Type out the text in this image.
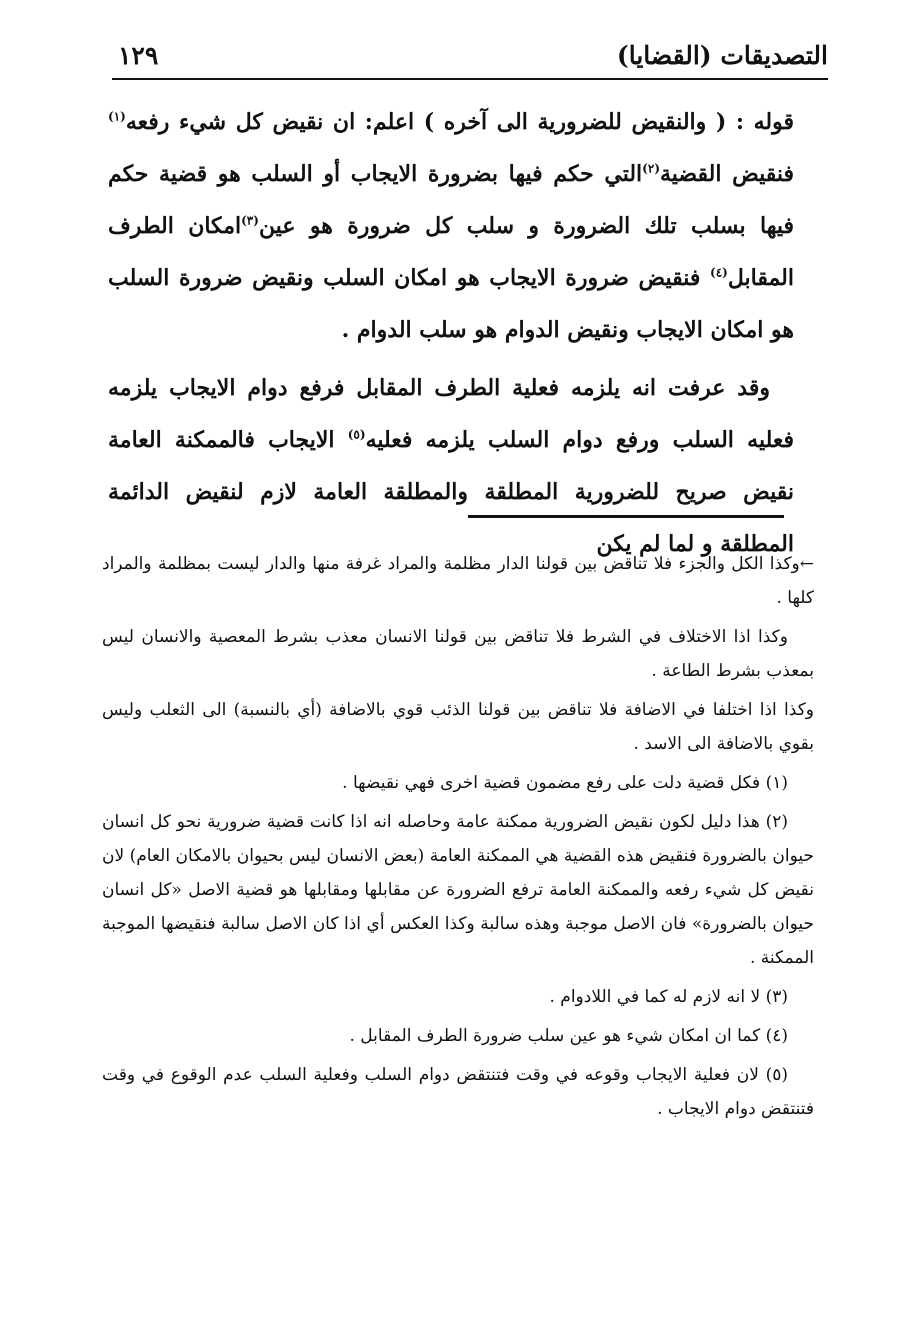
التصديقات (القضايا)
١٢٩

قوله : ( والنقيض للضرورية الى آخره ) اعلم: ان نقيض كل شيء رفعه$^{(١)}$ فنقيض القضية$^{(٢)}$التي حكم فيها بضرورة الايجاب أو السلب هو قضية حكم فيها بسلب تلك الضرورة و سلب كل ضرورة هو عين$^{(٣)}$امكان الطرف المقابل$^{(٤)}$ فنقيض ضرورة الايجاب هو امكان السلب ونقيض ضرورة السلب هو امكان الايجاب ونقيض الدوام هو سلب الدوام .

وقد عرفت انه يلزمه فعلية الطرف المقابل فرفع دوام الايجاب يلزمه فعليه السلب ورفع دوام السلب يلزمه فعليه$^{(٥)}$ الايجاب فالممكنة العامة نقيض صريح للضرورية المطلقة والمطلقة العامة لازم لنقيض الدائمة المطلقة و لما لم يكن

←وكذا الكل والجزء فلا تناقض بين قولنا الدار مظلمة والمراد غرفة منها والدار ليست بمظلمة والمراد كلها .

وكذا اذا الاختلاف في الشرط فلا تناقض بين قولنا الانسان معذب بشرط المعصية والانسان ليس بمعذب بشرط الطاعة .

وكذا اذا اختلفا في الاضافة فلا تناقض بين قولنا الذئب قوي بالاضافة (أي بالنسبة) الى الثعلب وليس بقوي بالاضافة الى الاسد .

(١) فكل قضية دلت على رفع مضمون قضية اخرى فهي نقيضها .

(٢) هذا دليل لكون نقيض الضرورية ممكنة عامة وحاصله انه اذا كانت قضية ضرورية نحو كل انسان حيوان بالضرورة فنقيض هذه القضية هي الممكنة العامة (بعض الانسان ليس بحيوان بالامكان العام) لان نقيض كل شيء رفعه والممكنة العامة ترفع الضرورة عن مقابلها ومقابلها هو قضية الاصل «كل انسان حيوان بالضرورة» فان الاصل موجبة وهذه سالبة وكذا العكس أي اذا كان الاصل سالبة فنقيضها الموجبة الممكنة .

(٣) لا انه لازم له كما في اللادوام .

(٤) كما ان امكان شيء هو عين سلب ضرورة الطرف المقابل .

(٥) لان فعلية الايجاب وقوعه في وقت فتنتقض دوام السلب وفعلية السلب عدم الوقوع في وقت فتنتقض دوام الايجاب .
